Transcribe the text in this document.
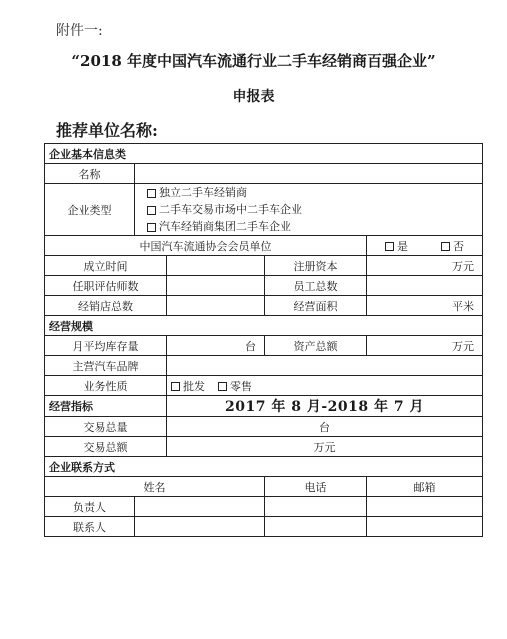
附件一:
“2018 年度中国汽车流通行业二手车经销商百强企业”
申报表
推荐单位名称:
企业基本信息类				
名称				
企业类型	独立二手车经销商
二手车交易市场中二手车企业
汽车经销商集团二手车企业			

中国汽车流通协会会员单位				是 否
成立时间			注册资本	万元
任职评估师数			员工总数	
经销店总数			经营面积	平米
经营规模				
月平均库存量		台	资产总额	万元
主营汽车品牌				
业务性质		批发 零售		
经营指标		2017 年 8 月-2018 年 7 月		
交易总量		台		
交易总额		万元		
企业联系方式				
姓名			电话	邮箱
负责人				
联系人				
